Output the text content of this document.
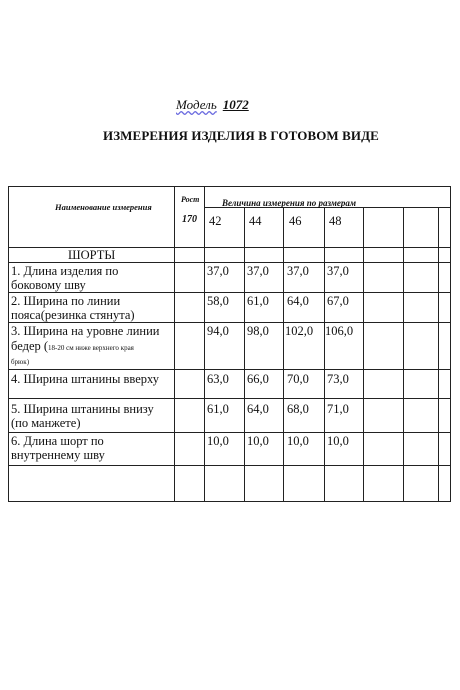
Модель 1072
ИЗМЕРЕНИЯ ИЗДЕЛИЯ В ГОТОВОМ ВИДЕ
Наименование измерения
Рост
170
Величина измерения по размерам
42 44 46 48
ШОРТЫ
1. Длина изделия по
боковому шву
37,0 37,0 37,0 37,0
2. Ширина по линии
пояса(резинка стянута)
58,0 61,0 64,0 67,0
3. Ширина на уровне линии
бедер (18-20 см ниже верхнего края
брюк)
94,0 98,0 102,0 106,0
4. Ширина штанины вверху	63,0 66,0 70,0 73,0
5. Ширина штанины внизу
(по манжете)
61,0 64,0 68,0 71,0
6. Длина шорт по
внутреннему шву
10,0 10,0 10,0 10,0
